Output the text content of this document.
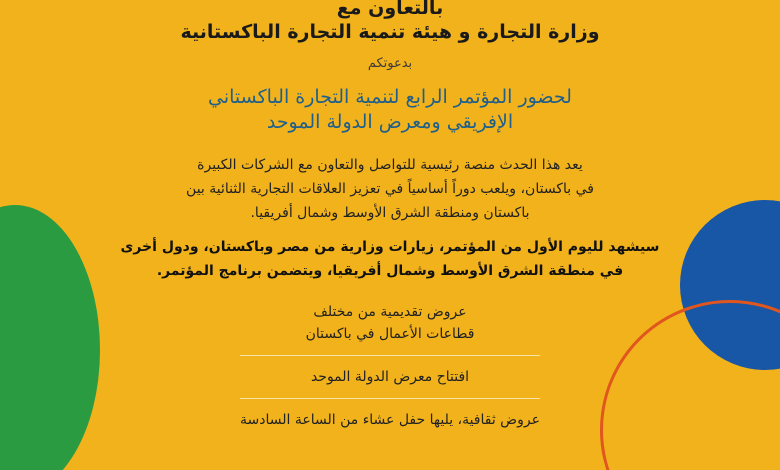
بالتعاون مع
وزارة التجارة و هيئة تنمية التجارة الباكستانية
بدعوتكم
لحضور المؤتمر الرابع لتنمية التجارة الباكستاني
الإفريقي ومعرض الدولة الموحد
يعد هذا الحدث منصة رئيسية للتواصل والتعاون مع الشركات الكبيرة
في باكستان، ويلعب دوراً أساسياً في تعزيز العلاقات التجارية الثنائية بين
باكستان ومنطقة الشرق الأوسط وشمال أفريقيا.
سيشهد لليوم الأول من المؤتمر، زيارات وزارية من مصر وباكستان، ودول أخرى
في منطقة الشرق الأوسط وشمال أفريقيا، ويتضمن برنامج المؤتمر.
عروض تقديمية من مختلف
قطاعات الأعمال في باكستان
افتتاح معرض الدولة الموحد
عروض ثقافية، يليها حفل عشاء من الساعة السادسة
